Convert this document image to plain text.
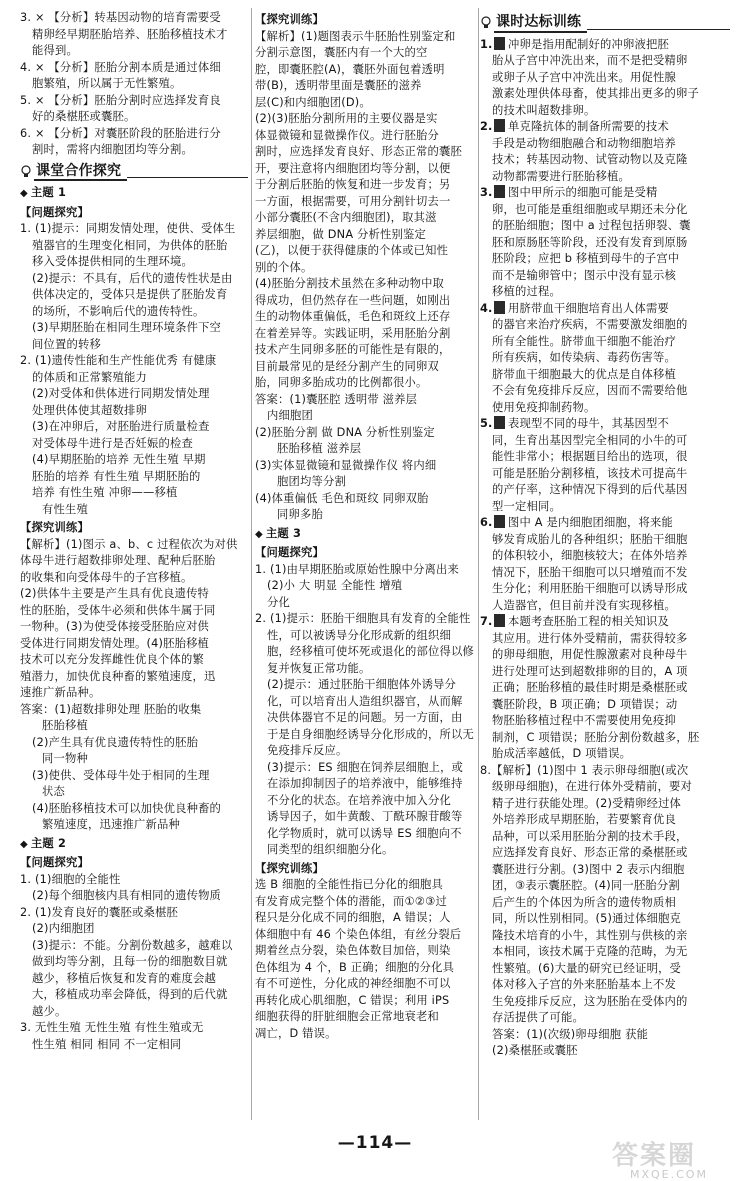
3. × 【分析】转基因动物的培育需要受
精卵经早期胚胎培养、胚胎移植技术才
能得到。
4. × 【分析】胚胎分割本质是通过体细
胞繁殖，所以属于无性繁殖。
5. × 【分析】胚胎分割时应选择发育良
好的桑椹胚或囊胚。
6. × 【分析】对囊胚阶段的胚胎进行分
割时，需将内细胞团均等分割。
课堂合作探究
◆ 主题 1
【问题探究】
1. (1)提示：同期发情处理，使供、受体生
殖器官的生理变化相同，为供体的胚胎
移入受体提供相同的生理环境。
(2)提示：不具有，后代的遗传性状是由
供体决定的，受体只是提供了胚胎发育
的场所，不影响后代的遗传特性。
(3)早期胚胎在相同生理环境条件下空
间位置的转移
2. (1)遗传性能和生产性能优秀 有健康
的体质和正常繁殖能力
(2)对受体和供体进行同期发情处理
处理供体使其超数排卵
(3)在冲卵后，对胚胎进行质量检查
对受体母牛进行是否妊娠的检查
(4)早期胚胎的培养 无性生殖 早期
胚胎的培养 有性生殖 早期胚胎的
培养 有性生殖 冲卵——移植
有性生殖
【探究训练】
【解析】(1)图示 a、b、c 过程依次为对供
体母牛进行超数排卵处理、配种后胚胎
的收集和向受体母牛的子宫移植。
(2)供体牛主要是产生具有优良遗传特
性的胚胎，受体牛必须和供体牛属于同
一物种。(3)为使受体接受胚胎应对供
受体进行同期发情处理。(4)胚胎移植
技术可以充分发挥雌性优良个体的繁
殖潜力，加快优良种畜的繁殖速度，迅
速推广新品种。
答案：(1)超数排卵处理 胚胎的收集
胚胎移植
(2)产生具有优良遗传特性的胚胎
同一物种
(3)使供、受体母牛处于相同的生理
状态
(4)胚胎移植技术可以加快优良种畜的
繁殖速度，迅速推广新品种
◆ 主题 2
【问题探究】
1. (1)细胞的全能性
(2)每个细胞核内具有相同的遗传物质
2. (1)发育良好的囊胚或桑椹胚
(2)内细胞团
(3)提示：不能。分割份数越多，越难以
做到均等分割，且每一份的细胞数目就
越少，移植后恢复和发育的难度会越
大，移植成功率会降低，得到的后代就
越少。
3. 无性生殖 无性生殖 有性生殖或无
性生殖 相同 相同 不一定相同
【探究训练】
【解析】(1)题图表示牛胚胎性别鉴定和
分割示意图，囊胚内有一个大的空
腔，即囊胚腔(A)，囊胚外面包着透明
带(B)，透明带里面是囊胚的滋养
层(C)和内细胞团(D)。
(2)(3)胚胎分割所用的主要仪器是实
体显微镜和显微操作仪。进行胚胎分
割时，应选择发育良好、形态正常的囊胚
开，要注意将内细胞团均等分割，以便
于分割后胚胎的恢复和进一步发育；另
一方面，根据需要，可用分割针切去一
小部分囊胚(不含内细胞团)，取其滋
养层细胞，做 DNA 分析性别鉴定
(乙)，以便于获得健康的个体或已知性
别的个体。
(4)胚胎分割技术虽然在多种动物中取
得成功，但仍然存在一些问题，如刚出
生的动物体重偏低，毛色和斑纹上还存
在着差异等。实践证明，采用胚胎分割
技术产生同卵多胚的可能性是有限的，
目前最常见的是经分割产生的同卵双
胎，同卵多胎成功的比例都很小。
答案：(1)囊胚腔 透明带 滋养层
内细胞团
(2)胚胎分割 做 DNA 分析性别鉴定
胚胎移植 滋养层
(3)实体显微镜和显微操作仪 将内细
胞团均等分割
(4)体重偏低 毛色和斑纹 同卵双胎
同卵多胎
◆ 主题 3
【问题探究】
1. (1)由早期胚胎或原始性腺中分离出来
(2)小 大 明显 全能性 增殖
分化
2. (1)提示：胚胎干细胞具有发育的全能性
性，可以被诱导分化形成新的组织细
胞，经移植可使坏死或退化的部位得以修
复并恢复正常功能。
(2)提示：通过胚胎干细胞体外诱导分
化，可以培育出人造组织器官，从而解
决供体器官不足的问题。另一方面，由
于是自身细胞经诱导分化形成的，所以无
免疫排斥反应。
(3)提示：ES 细胞在饲养层细胞上，或
在添加抑制因子的培养液中，能够维持
不分化的状态。在培养液中加入分化
诱导因子，如牛黄酸、丁酰环腺苷酸等
化学物质时，就可以诱导 ES 细胞向不
同类型的组织细胞分化。
【探究训练】
选 B 细胞的全能性指已分化的细胞具
有发育成完整个体的潜能，而①②③过
程只是分化成不同的细胞，A 错误；人
体细胞中有 46 个染色体组，有丝分裂后
期着丝点分裂，染色体数目加倍，则染
色体组为 4 个，B 正确；细胞的分化具
有不可逆性，分化成的神经细胞不可以
再转化成心肌细胞，C 错误；利用 iPS
细胞获得的肝脏细胞会正常地衰老和
凋亡，D 错误。
课时达标训练
1. 冲卵是指用配制好的冲卵液把胚
胎从子宫中冲洗出来，而不是把受精卵
或卵子从子宫中冲洗出来。用促性腺
激素处理供体母畜，使其排出更多的卵子
的技术叫超数排卵。
2. 单克隆抗体的制备所需要的技术
手段是动物细胞融合和动物细胞培养
技术；转基因动物、试管动物以及克隆
动物都需要进行胚胎移植。
3. 图中甲所示的细胞可能是受精
卵，也可能是重组细胞或早期还未分化
的胚胎细胞；图中 a 过程包括卵裂、囊
胚和原肠胚等阶段，还没有发育到原肠
胚阶段；应把 b 移植到母牛的子宫中
而不是输卵管中；图示中没有显示核
移植的过程。
4. 用脐带血干细胞培育出人体需要
的器官来治疗疾病，不需要激发细胞的
所有全能性。脐带血干细胞不能治疗
所有疾病，如传染病、毒药伤害等。
脐带血干细胞最大的优点是自体移植
不会有免疫排斥反应，因而不需要给他
使用免疫抑制药物。
5. 表现型不同的母牛，其基因型不
同，生育出基因型完全相同的小牛的可
能性非常小；根据题目给出的选项，很
可能是胚胎分割移植，该技术可提高牛
的产仔率，这种情况下得到的后代基因
型一定相同。
6. 图中 A 是内细胞团细胞，将来能
够发育成胎儿的各种组织；胚胎干细胞
的体积较小，细胞核较大；在体外培养
情况下，胚胎干细胞可以只增殖而不发
生分化；利用胚胎干细胞可以诱导形成
人造器官，但目前并没有实现移植。
7. 本题考查胚胎工程的相关知识及
其应用。进行体外受精前，需获得较多
的卵母细胞，用促性腺激素对良种母牛
进行处理可达到超数排卵的目的，A 项
正确；胚胎移植的最佳时期是桑椹胚或
囊胚阶段，B 项正确；D 项错误；动
物胚胎移植过程中不需要使用免疫抑
制剂，C 项错误；胚胎分割份数越多，胚
胎成活率越低，D 项错误。
8.【解析】(1)图中 1 表示卵母细胞(或次
级卵母细胞)，在进行体外受精前，要对
精子进行获能处理。(2)受精卵经过体
外培养形成早期胚胎，若要繁育优良
品种，可以采用胚胎分割的技术手段，
应选择发育良好、形态正常的桑椹胚或
囊胚进行分割。(3)图中 2 表示内细胞
团，③表示囊胚腔。(4)同一胚胎分割
后产生的个体因为所含的遗传物质相
同，所以性别相同。(5)通过体细胞克
隆技术培育的小牛，其性别与供核的亲
本相同，该技术属于克隆的范畴，为无
性繁殖。(6)大量的研究已经证明，受
体对移入子宫的外来胚胎基本上不发
生免疫排斥反应，这为胚胎在受体内的
存活提供了可能。
答案：(1)(次级)卵母细胞 获能
(2)桑椹胚或囊胚
—114—	答案圈
MXQE.COM
